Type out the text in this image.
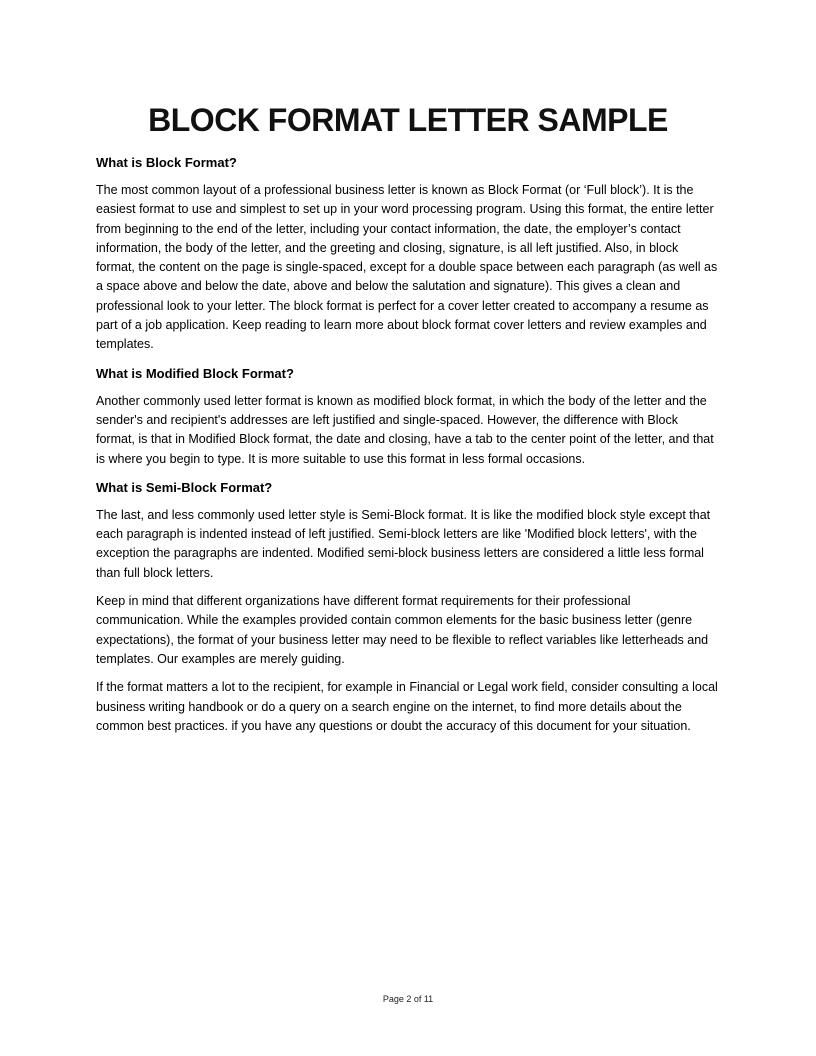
BLOCK FORMAT LETTER SAMPLE

What is Block Format?

The most common layout of a professional business letter is known as Block Format (or ‘Full block’). It is the easiest format to use and simplest to set up in your word processing program. Using this format, the entire letter from beginning to the end of the letter, including your contact information, the date, the employer’s contact information, the body of the letter, and the greeting and closing, signature, is all left justified. Also, in block format, the content on the page is single-spaced, except for a double space between each paragraph (as well as a space above and below the date, above and below the salutation and signature). This gives a clean and professional look to your letter. The block format is perfect for a cover letter created to accompany a resume as part of a job application. Keep reading to learn more about block format cover letters and review examples and templates.

What is Modified Block Format?

Another commonly used letter format is known as modified block format, in which the body of the letter and the sender's and recipient's addresses are left justified and single-spaced. However, the difference with Block format, is that in Modified Block format, the date and closing, have a tab to the center point of the letter, and that is where you begin to type. It is more suitable to use this format in less formal occasions.

What is Semi-Block Format?

The last, and less commonly used letter style is Semi-Block format. It is like the modified block style except that each paragraph is indented instead of left justified. Semi-block letters are like 'Modified block letters', with the exception the paragraphs are indented. Modified semi-block business letters are considered a little less formal than full block letters.

Keep in mind that different organizations have different format requirements for their professional communication. While the examples provided contain common elements for the basic business letter (genre expectations), the format of your business letter may need to be flexible to reflect variables like letterheads and templates. Our examples are merely guiding.

If the format matters a lot to the recipient, for example in Financial or Legal work field, consider consulting a local business writing handbook or do a query on a search engine on the internet, to find more details about the common best practices. if you have any questions or doubt the accuracy of this document for your situation.

Page 2 of 11
